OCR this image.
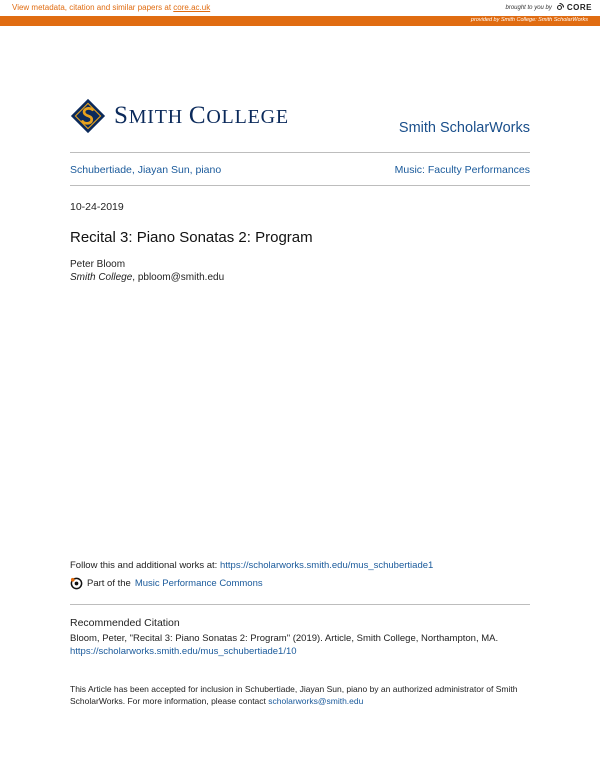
View metadata, citation and similar papers at core.ac.uk	brought to you by CORE
provided by Smith College: Smith ScholarWorks
SMITH COLLEGE	Smith ScholarWorks
Schubertiade, Jiayan Sun, piano	Music: Faculty Performances
10-24-2019
Recital 3: Piano Sonatas 2: Program
Peter Bloom
Smith College, pbloom@smith.edu
Follow this and additional works at: https://scholarworks.smith.edu/mus_schubertiade1
Part of the Music Performance Commons
Recommended Citation
Bloom, Peter, "Recital 3: Piano Sonatas 2: Program" (2019). Article, Smith College, Northampton, MA.
https://scholarworks.smith.edu/mus_schubertiade1/10
This Article has been accepted for inclusion in Schubertiade, Jiayan Sun, piano by an authorized administrator of Smith ScholarWorks. For more information, please contact scholarworks@smith.edu
